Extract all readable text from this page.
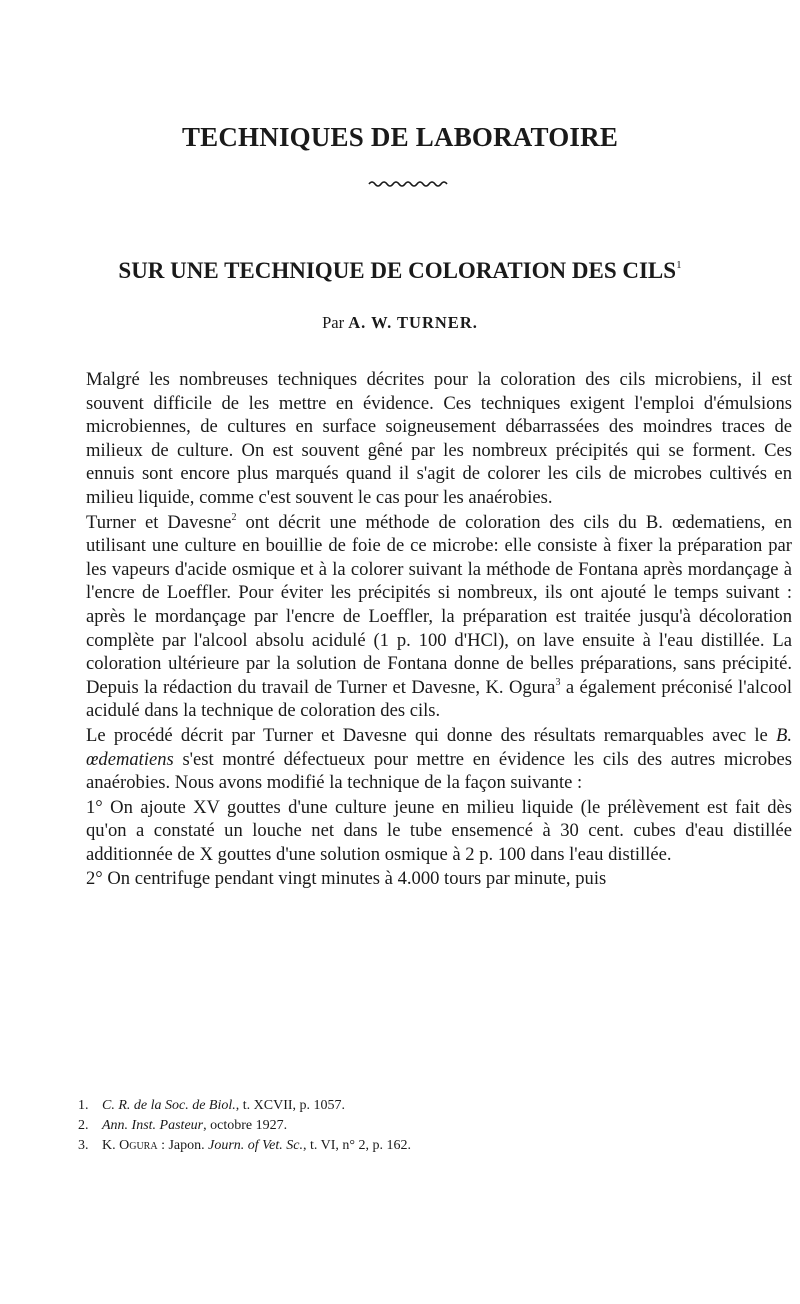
TECHNIQUES DE LABORATOIRE
SUR UNE TECHNIQUE DE COLORATION DES CILS$^1$
Par A. W. TURNER.

Malgré les nombreuses techniques décrites pour la coloration des cils microbiens, il est souvent difficile de les mettre en évidence. Ces techniques exigent l'emploi d'émulsions microbiennes, de cultures en surface soigneusement débarrassées des moindres traces de milieux de culture. On est souvent gêné par les nombreux précipités qui se forment. Ces ennuis sont encore plus marqués quand il s'agit de colorer les cils de microbes cultivés en milieu liquide, comme c'est souvent le cas pour les anaérobies.

Turner et Davesne$^2$ ont décrit une méthode de coloration des cils du B. œdematiens, en utilisant une culture en bouillie de foie de ce microbe: elle consiste à fixer la préparation par les vapeurs d'acide osmique et à la colorer suivant la méthode de Fontana après mordançage à l'encre de Loeffler. Pour éviter les précipités si nombreux, ils ont ajouté le temps suivant : après le mordançage par l'encre de Loeffler, la préparation est traitée jusqu'à décoloration complète par l'alcool absolu acidulé (1 p. 100 d'HCl), on lave ensuite à l'eau distillée. La coloration ultérieure par la solution de Fontana donne de belles préparations, sans précipité. Depuis la rédaction du travail de Turner et Davesne, K. Ogura$^3$ a également préconisé l'alcool acidulé dans la technique de coloration des cils.

Le procédé décrit par Turner et Davesne qui donne des résultats remarquables avec le B. œdematiens s'est montré défectueux pour mettre en évidence les cils des autres microbes anaérobies. Nous avons modifié la technique de la façon suivante :

1° On ajoute XV gouttes d'une culture jeune en milieu liquide (le prélèvement est fait dès qu'on a constaté un louche net dans le tube ensemencé à 30 cent. cubes d'eau distillée additionnée de X gouttes d'une solution osmique à 2 p. 100 dans l'eau distillée.

2° On centrifuge pendant vingt minutes à 4.000 tours par minute, puis

1. C. R. de la Soc. de Biol., t. XCVII, p. 1057.
2. Ann. Inst. Pasteur, octobre 1927.
3. K. Ogura : Japon. Journ. of Vet. Sc., t. VI, n° 2, p. 162.
